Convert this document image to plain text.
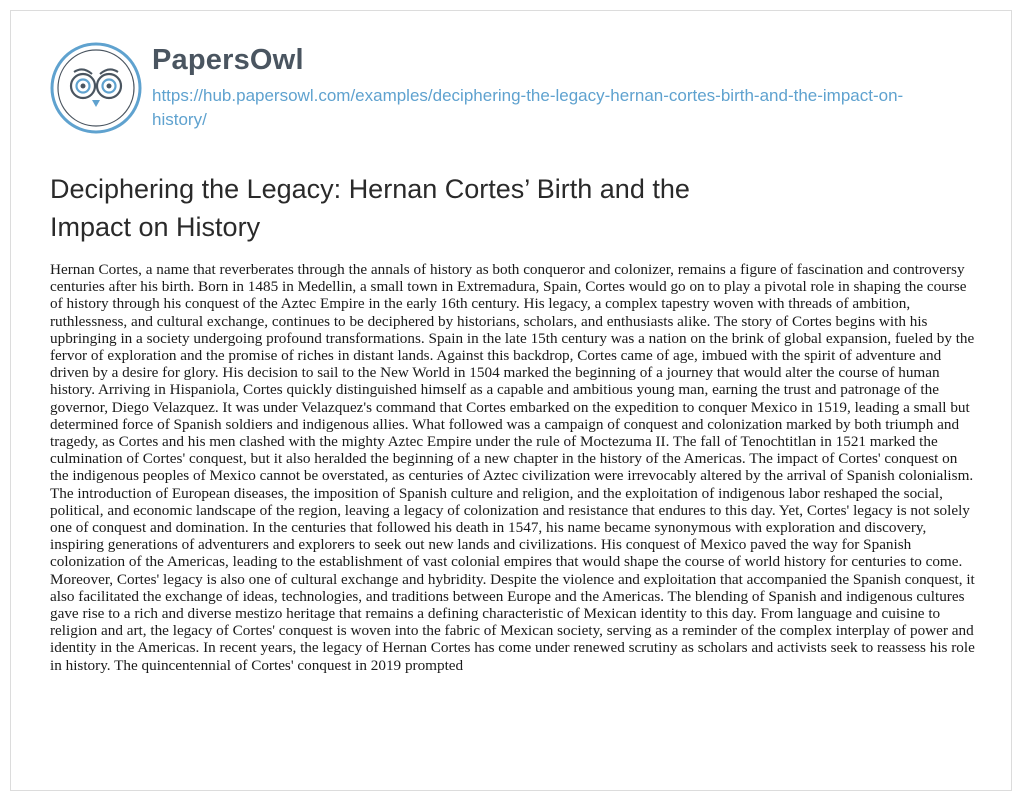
PapersOwl
https://hub.papersowl.com/examples/deciphering-the-legacy-hernan-cortes-birth-and-the-impact-on-history/
Deciphering the Legacy: Hernan Cortes’ Birth and the Impact on History

Hernan Cortes, a name that reverberates through the annals of history as both conqueror and colonizer, remains a figure of fascination and controversy centuries after his birth. Born in 1485 in Medellin, a small town in Extremadura, Spain, Cortes would go on to play a pivotal role in shaping the course of history through his conquest of the Aztec Empire in the early 16th century. His legacy, a complex tapestry woven with threads of ambition, ruthlessness, and cultural exchange, continues to be deciphered by historians, scholars, and enthusiasts alike. The story of Cortes begins with his upbringing in a society undergoing profound transformations. Spain in the late 15th century was a nation on the brink of global expansion, fueled by the fervor of exploration and the promise of riches in distant lands. Against this backdrop, Cortes came of age, imbued with the spirit of adventure and driven by a desire for glory. His decision to sail to the New World in 1504 marked the beginning of a journey that would alter the course of human history. Arriving in Hispaniola, Cortes quickly distinguished himself as a capable and ambitious young man, earning the trust and patronage of the governor, Diego Velazquez. It was under Velazquez's command that Cortes embarked on the expedition to conquer Mexico in 1519, leading a small but determined force of Spanish soldiers and indigenous allies. What followed was a campaign of conquest and colonization marked by both triumph and tragedy, as Cortes and his men clashed with the mighty Aztec Empire under the rule of Moctezuma II. The fall of Tenochtitlan in 1521 marked the culmination of Cortes' conquest, but it also heralded the beginning of a new chapter in the history of the Americas. The impact of Cortes' conquest on the indigenous peoples of Mexico cannot be overstated, as centuries of Aztec civilization were irrevocably altered by the arrival of Spanish colonialism. The introduction of European diseases, the imposition of Spanish culture and religion, and the exploitation of indigenous labor reshaped the social, political, and economic landscape of the region, leaving a legacy of colonization and resistance that endures to this day. Yet, Cortes' legacy is not solely one of conquest and domination. In the centuries that followed his death in 1547, his name became synonymous with exploration and discovery, inspiring generations of adventurers and explorers to seek out new lands and civilizations. His conquest of Mexico paved the way for Spanish colonization of the Americas, leading to the establishment of vast colonial empires that would shape the course of world history for centuries to come. Moreover, Cortes' legacy is also one of cultural exchange and hybridity. Despite the violence and exploitation that accompanied the Spanish conquest, it also facilitated the exchange of ideas, technologies, and traditions between Europe and the Americas. The blending of Spanish and indigenous cultures gave rise to a rich and diverse mestizo heritage that remains a defining characteristic of Mexican identity to this day. From language and cuisine to religion and art, the legacy of Cortes' conquest is woven into the fabric of Mexican society, serving as a reminder of the complex interplay of power and identity in the Americas. In recent years, the legacy of Hernan Cortes has come under renewed scrutiny as scholars and activists seek to reassess his role in history. The quincentennial of Cortes' conquest in 2019 prompted
